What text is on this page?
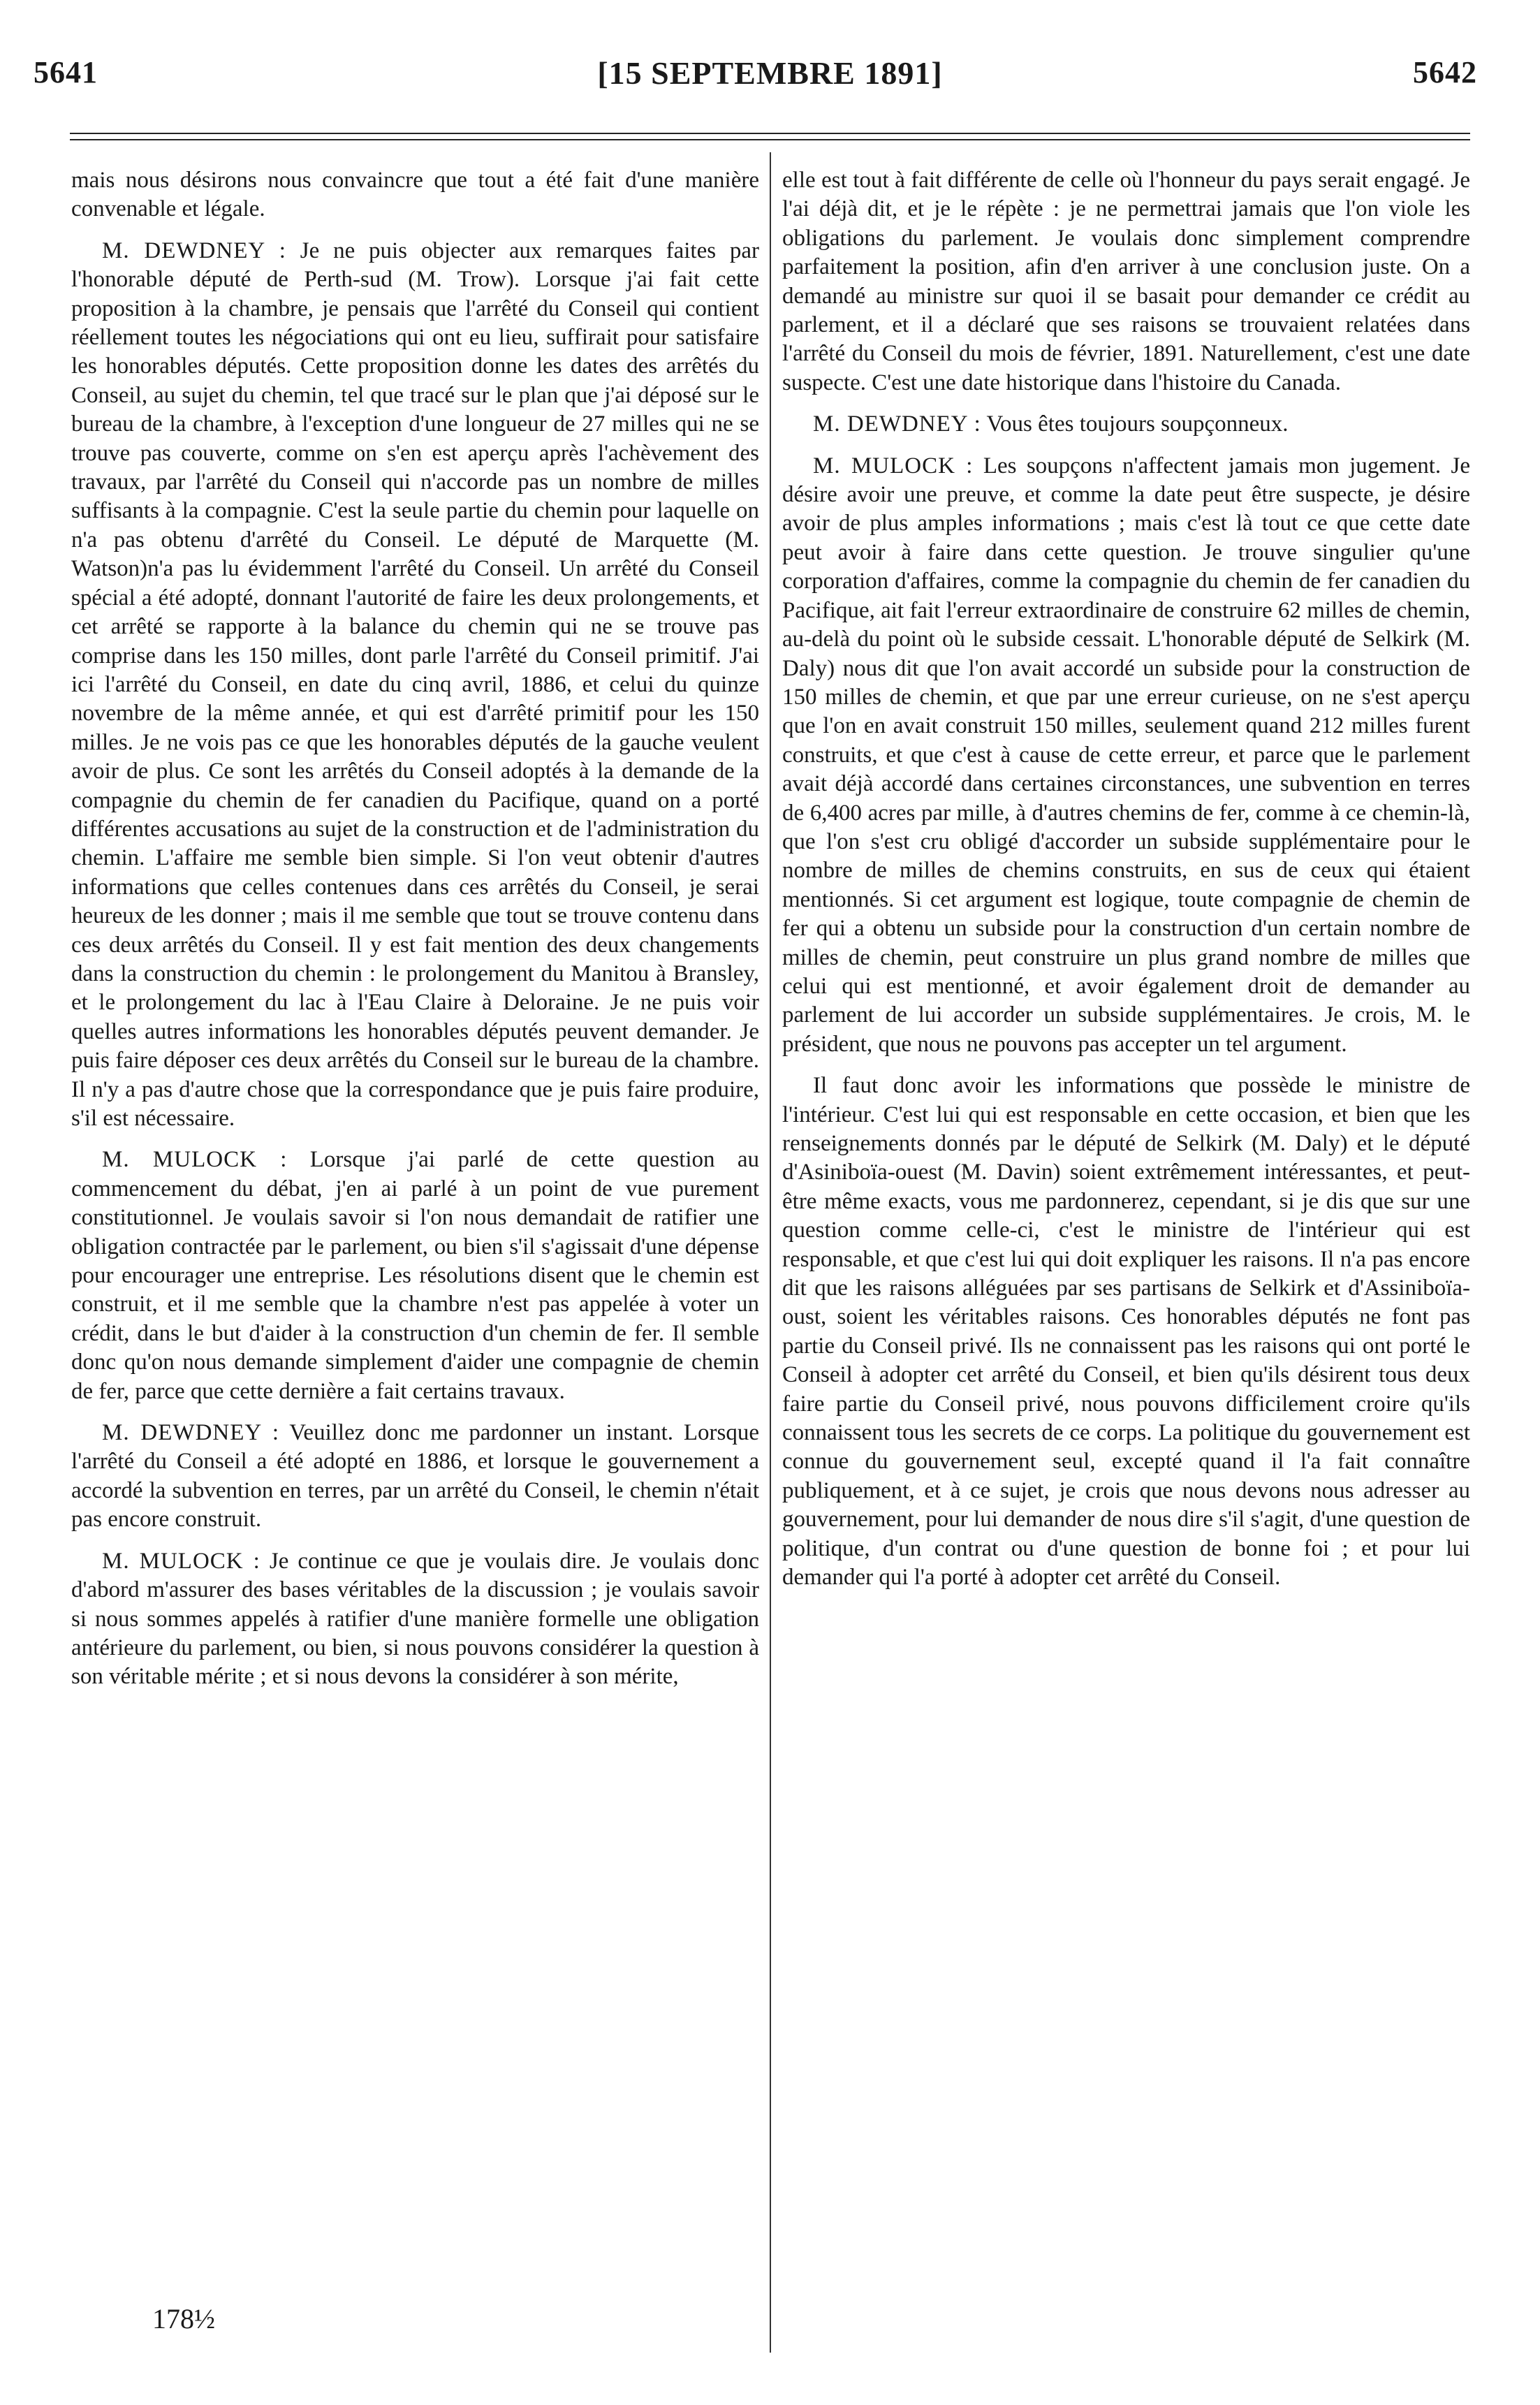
5641	[15 SEPTEMBRE 1891]	5642

mais nous désirons nous convaincre que tout a été fait d'une manière convenable et légale.

M. DEWDNEY : Je ne puis objecter aux remarques faites par l'honorable député de Perth-sud (M. Trow). Lorsque j'ai fait cette proposition à la chambre, je pensais que l'arrêté du Conseil qui contient réellement toutes les négociations qui ont eu lieu, suffirait pour satisfaire les honorables députés. Cette proposition donne les dates des arrêtés du Conseil, au sujet du chemin, tel que tracé sur le plan que j'ai déposé sur le bureau de la chambre, à l'exception d'une longueur de 27 milles qui ne se trouve pas couverte, comme on s'en est aperçu après l'achèvement des travaux, par l'arrêté du Conseil qui n'accorde pas un nombre de milles suffisants à la compagnie. C'est la seule partie du chemin pour laquelle on n'a pas obtenu d'arrêté du Conseil. Le député de Marquette (M. Watson)n'a pas lu évidemment l'arrêté du Conseil. Un arrêté du Conseil spécial a été adopté, donnant l'autorité de faire les deux prolongements, et cet arrêté se rapporte à la balance du chemin qui ne se trouve pas comprise dans les 150 milles, dont parle l'arrêté du Conseil primitif. J'ai ici l'arrêté du Conseil, en date du cinq avril, 1886, et celui du quinze novembre de la même année, et qui est d'arrêté primitif pour les 150 milles. Je ne vois pas ce que les honorables députés de la gauche veulent avoir de plus. Ce sont les arrêtés du Conseil adoptés à la demande de la compagnie du chemin de fer canadien du Pacifique, quand on a porté différentes accusations au sujet de la construction et de l'administration du chemin. L'affaire me semble bien simple. Si l'on veut obtenir d'autres informations que celles contenues dans ces arrêtés du Conseil, je serai heureux de les donner ; mais il me semble que tout se trouve contenu dans ces deux arrêtés du Conseil. Il y est fait mention des deux changements dans la construction du chemin : le prolongement du Manitou à Bransley, et le prolongement du lac à l'Eau Claire à Deloraine. Je ne puis voir quelles autres informations les honorables députés peuvent demander. Je puis faire déposer ces deux arrêtés du Conseil sur le bureau de la chambre. Il n'y a pas d'autre chose que la correspondance que je puis faire produire, s'il est nécessaire.

M. MULOCK : Lorsque j'ai parlé de cette question au commencement du débat, j'en ai parlé à un point de vue purement constitutionnel. Je voulais savoir si l'on nous demandait de ratifier une obligation contractée par le parlement, ou bien s'il s'agissait d'une dépense pour encourager une entreprise. Les résolutions disent que le chemin est construit, et il me semble que la chambre n'est pas appelée à voter un crédit, dans le but d'aider à la construction d'un chemin de fer. Il semble donc qu'on nous demande simplement d'aider une compagnie de chemin de fer, parce que cette dernière a fait certains travaux.

M. DEWDNEY : Veuillez donc me pardonner un instant. Lorsque l'arrêté du Conseil a été adopté en 1886, et lorsque le gouvernement a accordé la subvention en terres, par un arrêté du Conseil, le chemin n'était pas encore construit.

M. MULOCK : Je continue ce que je voulais dire. Je voulais donc d'abord m'assurer des bases véritables de la discussion ; je voulais savoir si nous sommes appelés à ratifier d'une manière formelle une obligation antérieure du parlement, ou bien, si nous pouvons considérer la question à son véritable mérite ; et si nous devons la considérer à son mérite,

elle est tout à fait différente de celle où l'honneur du pays serait engagé. Je l'ai déjà dit, et je le répète : je ne permettrai jamais que l'on viole les obligations du parlement. Je voulais donc simplement comprendre parfaitement la position, afin d'en arriver à une conclusion juste. On a demandé au ministre sur quoi il se basait pour demander ce crédit au parlement, et il a déclaré que ses raisons se trouvaient relatées dans l'arrêté du Conseil du mois de février, 1891. Naturellement, c'est une date suspecte. C'est une date historique dans l'histoire du Canada.

M. DEWDNEY : Vous êtes toujours soupçonneux.

M. MULOCK : Les soupçons n'affectent jamais mon jugement. Je désire avoir une preuve, et comme la date peut être suspecte, je désire avoir de plus amples informations ; mais c'est là tout ce que cette date peut avoir à faire dans cette question. Je trouve singulier qu'une corporation d'affaires, comme la compagnie du chemin de fer canadien du Pacifique, ait fait l'erreur extraordinaire de construire 62 milles de chemin, au-delà du point où le subside cessait. L'honorable député de Selkirk (M. Daly) nous dit que l'on avait accordé un subside pour la construction de 150 milles de chemin, et que par une erreur curieuse, on ne s'est aperçu que l'on en avait construit 150 milles, seulement quand 212 milles furent construits, et que c'est à cause de cette erreur, et parce que le parlement avait déjà accordé dans certaines circonstances, une subvention en terres de 6,400 acres par mille, à d'autres chemins de fer, comme à ce chemin-là, que l'on s'est cru obligé d'accorder un subside supplémentaire pour le nombre de milles de chemins construits, en sus de ceux qui étaient mentionnés. Si cet argument est logique, toute compagnie de chemin de fer qui a obtenu un subside pour la construction d'un certain nombre de milles de chemin, peut construire un plus grand nombre de milles que celui qui est mentionné, et avoir également droit de demander au parlement de lui accorder un subside supplémentaires. Je crois, M. le président, que nous ne pouvons pas accepter un tel argument.

Il faut donc avoir les informations que possède le ministre de l'intérieur. C'est lui qui est responsable en cette occasion, et bien que les renseignements donnés par le député de Selkirk (M. Daly) et le député d'Asiniboïa-ouest (M. Davin) soient extrêmement intéressantes, et peut-être même exacts, vous me pardonnerez, cependant, si je dis que sur une question comme celle-ci, c'est le ministre de l'intérieur qui est responsable, et que c'est lui qui doit expliquer les raisons. Il n'a pas encore dit que les raisons alléguées par ses partisans de Selkirk et d'Assiniboïa-oust, soient les véritables raisons. Ces honorables députés ne font pas partie du Conseil privé. Ils ne connaissent pas les raisons qui ont porté le Conseil à adopter cet arrêté du Conseil, et bien qu'ils désirent tous deux faire partie du Conseil privé, nous pouvons difficilement croire qu'ils connaissent tous les secrets de ce corps. La politique du gouvernement est connue du gouvernement seul, excepté quand il l'a fait connaître publiquement, et à ce sujet, je crois que nous devons nous adresser au gouvernement, pour lui demander de nous dire s'il s'agit, d'une question de politique, d'un contrat ou d'une question de bonne foi ; et pour lui demander qui l'a porté à adopter cet arrêté du Conseil.

178½
